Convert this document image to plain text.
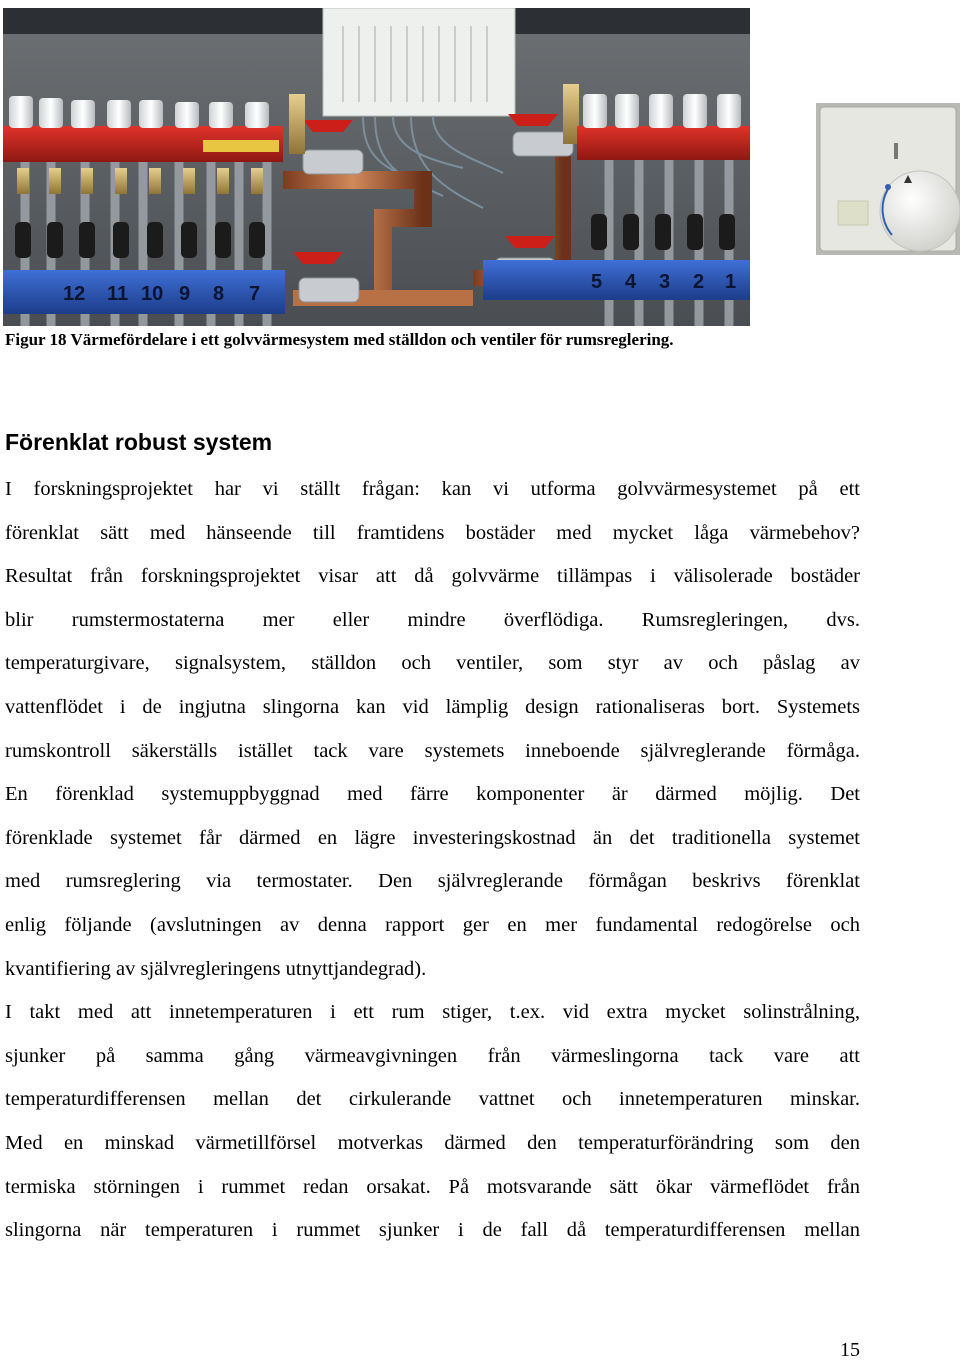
12 11 10 9 8 7
5 4 3 2 1
Figur 18 Värmefördelare i ett golvvärmesystem med ställdon och ventiler för rumsreglering.
Förenklat robust system
I forskningsprojektet har vi ställt frågan: kan vi utforma golvvärmesystemet på ett
förenklat sätt med hänseende till framtidens bostäder med mycket låga värmebehov?
Resultat från forskningsprojektet visar att då golvvärme tillämpas i välisolerade bostäder
blir rumstermostaterna mer eller mindre överflödiga. Rumsregleringen, dvs.
temperaturgivare, signalsystem, ställdon och ventiler, som styr av och påslag av
vattenflödet i de ingjutna slingorna kan vid lämplig design rationaliseras bort. Systemets
rumskontroll säkerställs istället tack vare systemets inneboende självreglerande förmåga.
En förenklad systemuppbyggnad med färre komponenter är därmed möjlig. Det
förenklade systemet får därmed en lägre investeringskostnad än det traditionella systemet
med rumsreglering via termostater. Den självreglerande förmågan beskrivs förenklat
enlig följande (avslutningen av denna rapport ger en mer fundamental redogörelse och
kvantifiering av självregleringens utnyttjandegrad).
I takt med att innetemperaturen i ett rum stiger, t.ex. vid extra mycket solinstrålning,
sjunker på samma gång värmeavgivningen från värmeslingorna tack vare att
temperaturdifferensen mellan det cirkulerande vattnet och innetemperaturen minskar.
Med en minskad värmetillförsel motverkas därmed den temperaturförändring som den
termiska störningen i rummet redan orsakat. På motsvarande sätt ökar värmeflödet från
slingorna när temperaturen i rummet sjunker i de fall då temperaturdifferensen mellan
15
